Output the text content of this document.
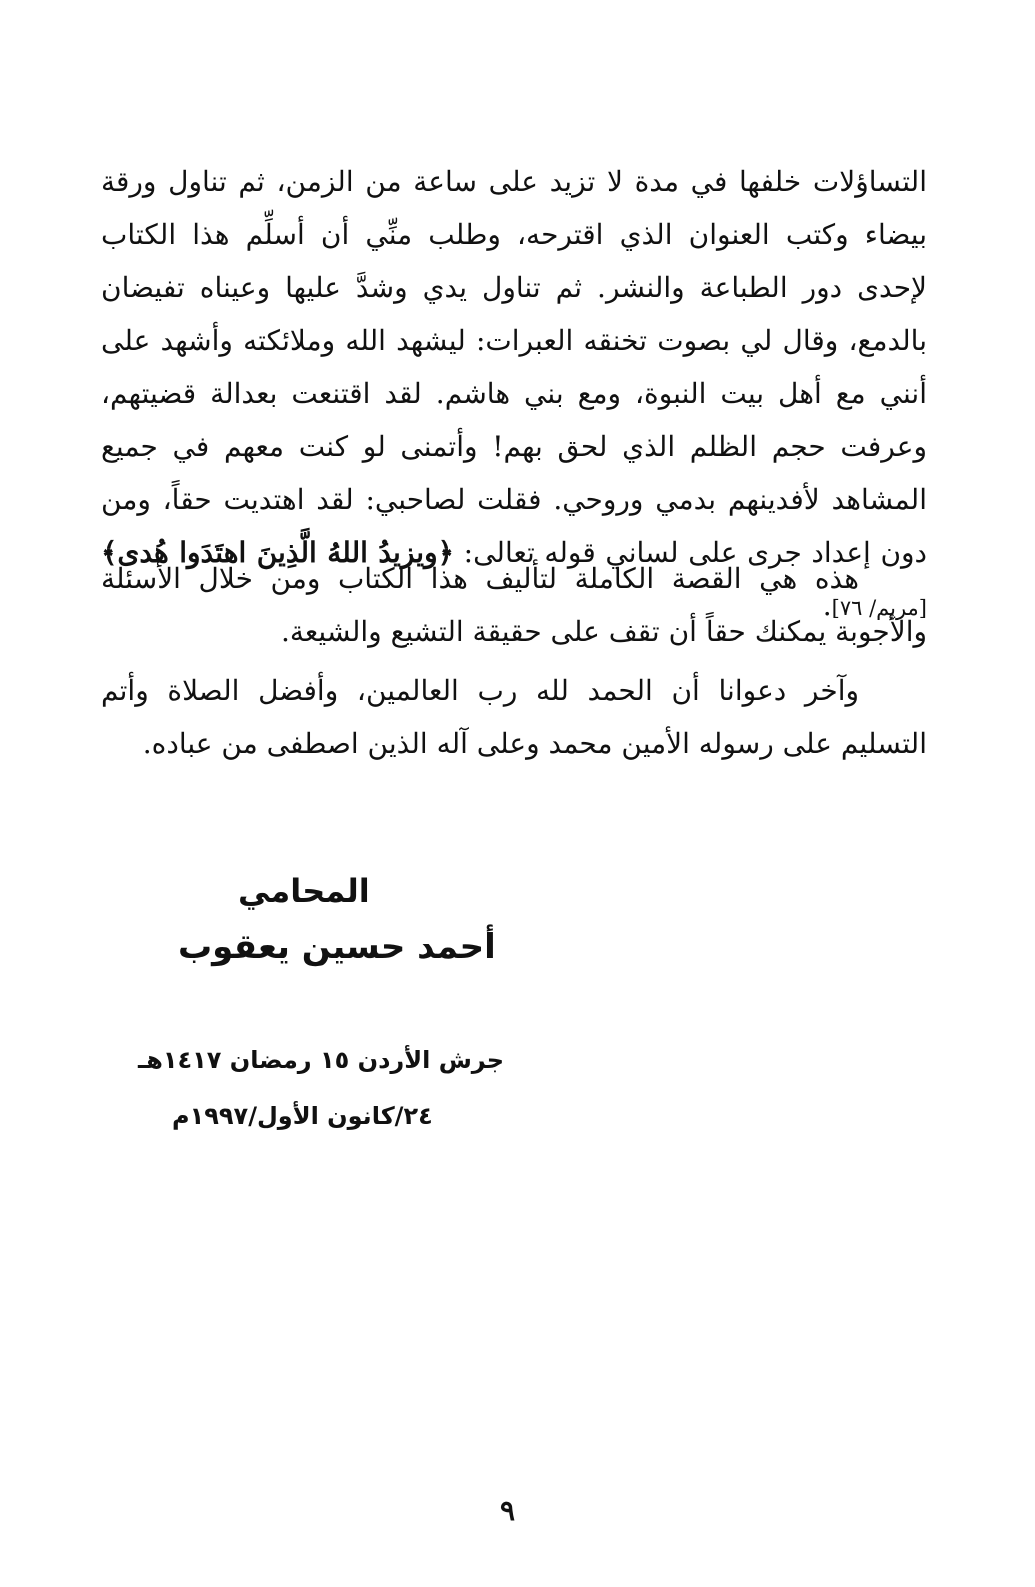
التساؤلات خلفها في مدة لا تزيد على ساعة من الزمن، ثم تناول ورقة بيضاء وكتب العنوان الذي اقترحه، وطلب منِّي أن أسلِّم هذا الكتاب لإحدى دور الطباعة والنشر. ثم تناول يدي وشدَّ عليها وعيناه تفيضان بالدمع، وقال لي بصوت تخنقه العبرات: ليشهد الله وملائكته وأشهد على أنني مع أهل بيت النبوة، ومع بني هاشم. لقد اقتنعت بعدالة قضيتهم، وعرفت حجم الظلم الذي لحق بهم! وأتمنى لو كنت معهم في جميع المشاهد لأفدينهم بدمي وروحي. فقلت لصاحبي: لقد اهتديت حقاً، ومن دون إعداد جرى على لساني قوله تعالى: ﴿ويزيدُ اللهُ الَّذِينَ اهتَدَوا هُدى﴾ [مريم/ ٧٦].
هذه هي القصة الكاملة لتأليف هذا الكتاب ومن خلال الأسئلة والأجوبة يمكنك حقاً أن تقف على حقيقة التشيع والشيعة.
وآخر دعوانا أن الحمد لله رب العالمين، وأفضل الصلاة وأتم التسليم على رسوله الأمين محمد وعلى آله الذين اصطفى من عباده.
المحامي
أحمد حسين يعقوب
جرش الأردن ١٥ رمضان ١٤١٧هـ
٢٤/كانون الأول/١٩٩٧م
٩
